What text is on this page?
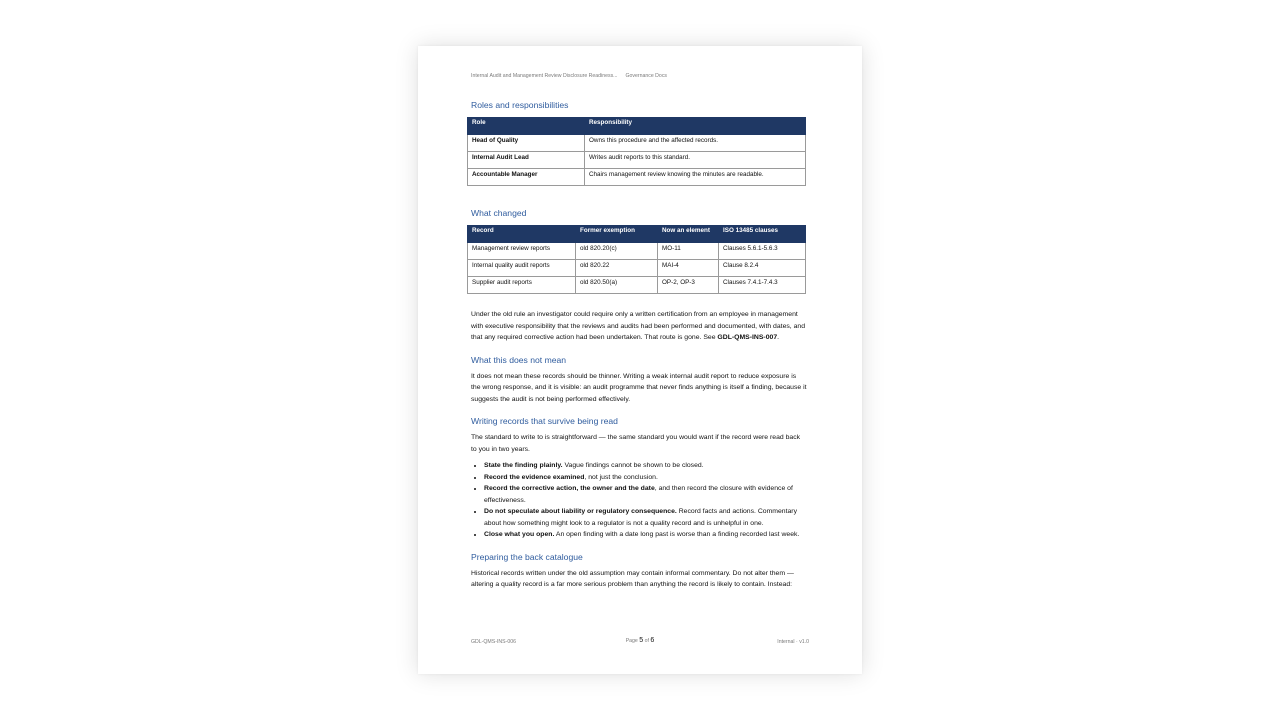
Internal Audit and Management Review Disclosure Readiness... Governance Docs
Roles and responsibilities
Role	Responsibility
Head of Quality	Owns this procedure and the affected records.
Internal Audit Lead	Writes audit reports to this standard.
Accountable Manager	Chairs management review knowing the minutes are readable.
What changed
Record	Former exemption	Now an element	ISO 13485 clauses
Management review reports	old 820.20(c)	MO-11	Clauses 5.6.1-5.6.3
Internal quality audit reports	old 820.22	MAI-4	Clause 8.2.4
Supplier audit reports	old 820.50(a)	OP-2, OP-3	Clauses 7.4.1-7.4.3

Under the old rule an investigator could require only a written certification from an employee in management with executive responsibility that the reviews and audits had been performed and documented, with dates, and that any required corrective action had been undertaken. That route is gone. See GDL-QMS-INS-007.

What this does not mean

It does not mean these records should be thinner. Writing a weak internal audit report to reduce exposure is the wrong response, and it is visible: an audit programme that never finds anything is itself a finding, because it suggests the audit is not being performed effectively.

Writing records that survive being read

The standard to write to is straightforward — the same standard you would want if the record were read back to you in two years.

• State the finding plainly. Vague findings cannot be shown to be closed.
• Record the evidence examined, not just the conclusion.
• Record the corrective action, the owner and the date, and then record the closure with evidence of effectiveness.
• Do not speculate about liability or regulatory consequence. Record facts and actions. Commentary about how something might look to a regulator is not a quality record and is unhelpful in one.
• Close what you open. An open finding with a date long past is worse than a finding recorded last week.
Preparing the back catalogue

Historical records written under the old assumption may contain informal commentary. Do not alter them — altering a quality record is a far more serious problem than anything the record is likely to contain. Instead:

GDL-QMS-INS-006	Page 5 of 6	Internal · v1.0
